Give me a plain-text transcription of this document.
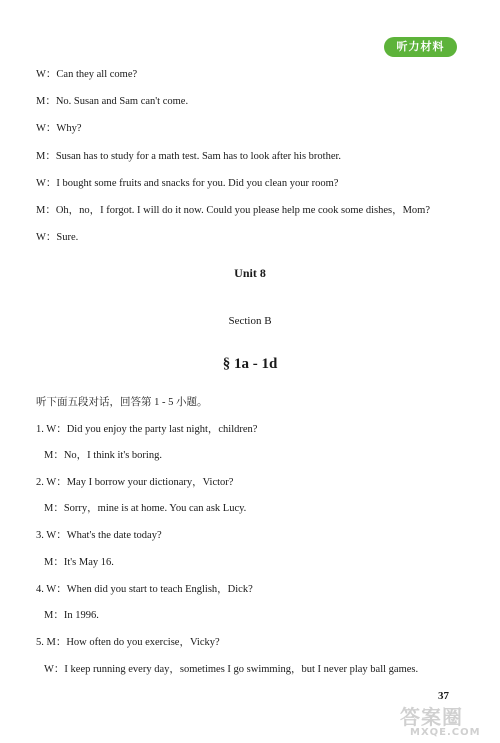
听力材料
W：Can they all come?
M：No. Susan and Sam can't come.
W：Why?
M：Susan has to study for a math test. Sam has to look after his brother.
W：I bought some fruits and snacks for you. Did you clean your room?
M：Oh，no，I forgot. I will do it now. Could you please help me cook some dishes，Mom?
W：Sure.
Unit 8
Section B
§ 1a - 1d
听下面五段对话，回答第 1 - 5 小题。
1. W：Did you enjoy the party last night，children?
M：No，I think it's boring.
2. W：May I borrow your dictionary，Victor?
M：Sorry，mine is at home. You can ask Lucy.
3. W：What's the date today?
M：It's May 16.
4. W：When did you start to teach English，Dick?
M：In 1996.
5. M：How often do you exercise，Vicky?
W：I keep running every day，sometimes I go swimming，but I never play ball games.
37
答案圈
MXQE.COM
